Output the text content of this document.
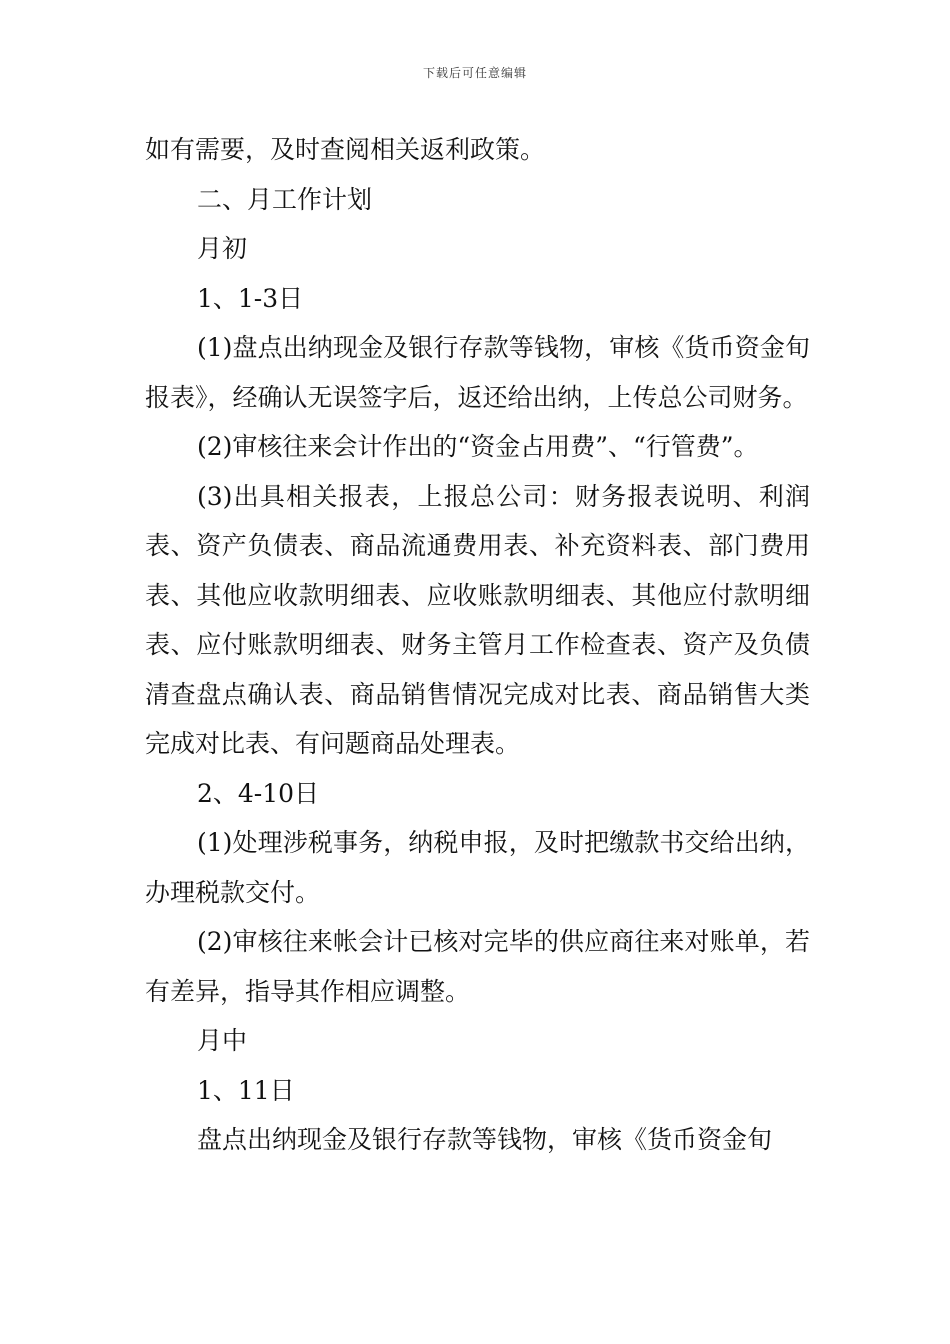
下载后可任意编辑

如有需要，及时查阅相关返利政策。

二、月工作计划

月初

1、1-3日

(1)盘点出纳现金及银行存款等钱物，审核《货币资金旬报表》，经确认无误签字后，返还给出纳，上传总公司财务。

(2)审核往来会计作出的“资金占用费”、“行管费”。

(3)出具相关报表，上报总公司：财务报表说明、利润表、资产负债表、商品流通费用表、补充资料表、部门费用表、其他应收款明细表、应收账款明细表、其他应付款明细表、应付账款明细表、财务主管月工作检查表、资产及负债清查盘点确认表、商品销售情况完成对比表、商品销售大类完成对比表、有问题商品处理表。

2、4-10日

(1)处理涉税事务，纳税申报，及时把缴款书交给出纳，办理税款交付。

(2)审核往来帐会计已核对完毕的供应商往来对账单，若有差异，指导其作相应调整。

月中

1、11日

盘点出纳现金及银行存款等钱物，审核《货币资金旬
